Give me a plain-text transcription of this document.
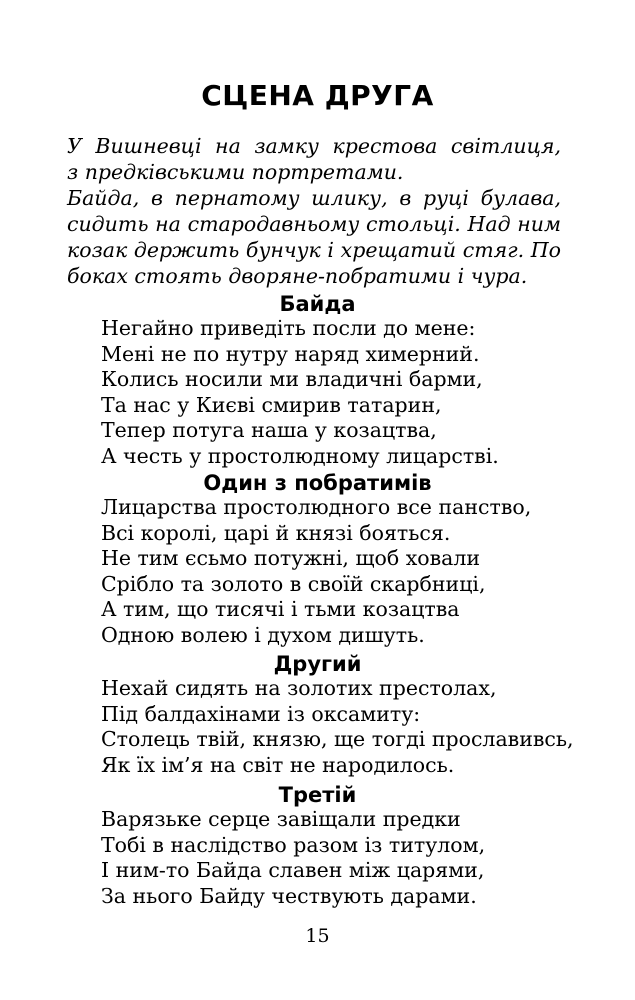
СЦЕНА ДРУГА
У Вишневці на замку крестова світлиця,
з предківськими портретами.
Байда, в пернатому шлику, в руці булава,
сидить на стародавньому стольці. Над ним
козак держить бунчук і хрещатий стяг. По
боках стоять дворяне-побратими і чура.
Байда
Негайно приведіть посли до мене:
Мені не по нутру наряд химерний.
Колись носили ми владичні барми,
Та нас у Києві смирив татарин,
Тепер потуга наша у козацтва,
А честь у простолюдному лицарстві.
Один з побратимів
Лицарства простолюдного все панство,
Всі королі, царі й князі бояться.
Не тим єсьмо потужні, щоб ховали
Срібло та золото в своїй скарбниці,
А тим, що тисячі і тьми козацтва
Одною волею і духом дишуть.
Другий
Нехай сидять на золотих престолах,
Під балдахінами із оксамиту:
Столець твій, князю, ще тогді прославивсь,
Як їх ім’я на світ не народилось.
Третій
Варязьке серце завіщали предки
Тобі в наслідство разом із титулом,
І ним-то Байда славен між царями,
За нього Байду чествують дарами.
15
